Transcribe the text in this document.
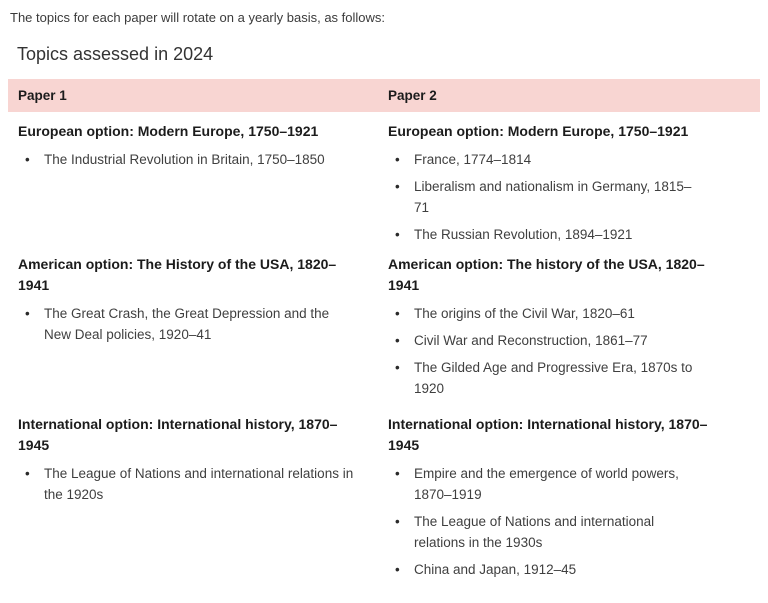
The topics for each paper will rotate on a yearly basis, as follows:

Topics assessed in 2024
Paper 1	Paper 2
European option: Modern Europe, 1750–1921
• The Industrial Revolution in Britain, 1750–1850
European option: Modern Europe, 1750–1921
• France, 1774–1814
• Liberalism and nationalism in Germany, 1815–71
• The Russian Revolution, 1894–1921
American option: The History of the USA, 1820–1941
• The Great Crash, the Great Depression and the New Deal policies, 1920–41
American option: The history of the USA, 1820–1941
• The origins of the Civil War, 1820–61
• Civil War and Reconstruction, 1861–77
• The Gilded Age and Progressive Era, 1870s to 1920
International option: International history, 1870–1945
• The League of Nations and international relations in the 1920s
International option: International history, 1870–1945
• Empire and the emergence of world powers, 1870–1919
• The League of Nations and international relations in the 1930s
• China and Japan, 1912–45
